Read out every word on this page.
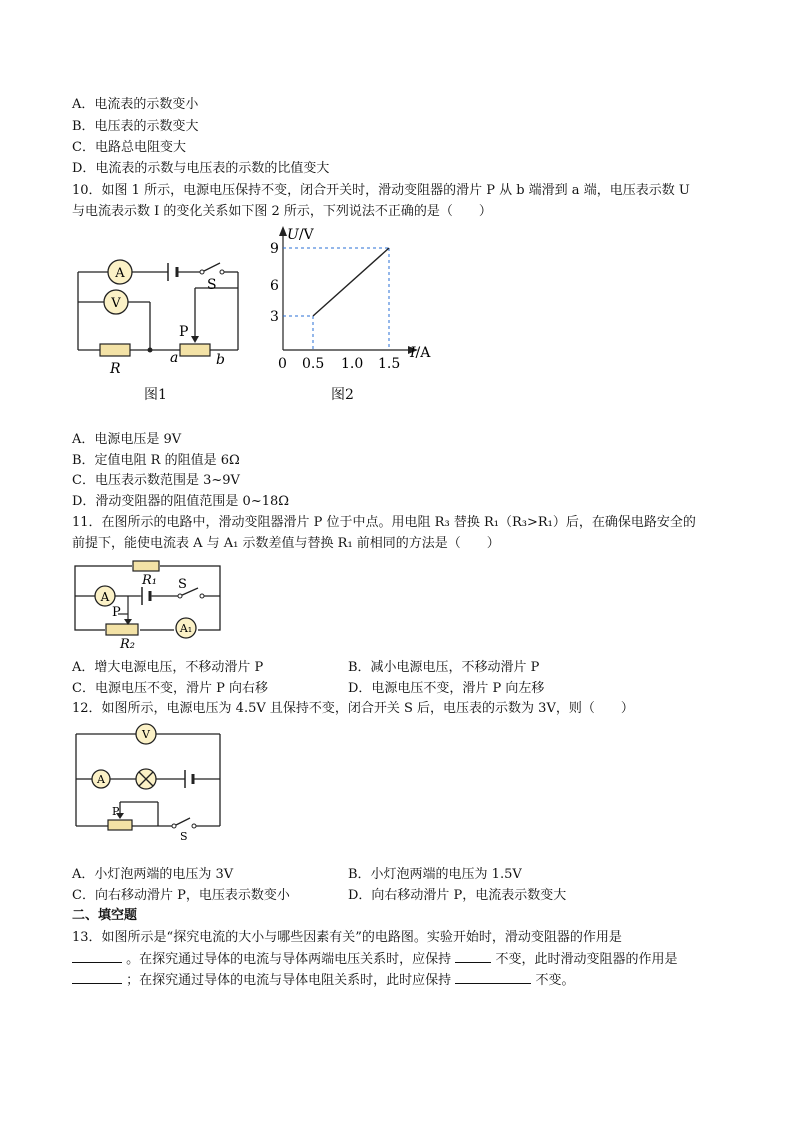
A．电流表的示数变小
B．电压表的示数变大
C．电路总电阻变大
D．电流表的示数与电压表的示数的比值变大
10．如图 1 所示，电源电压保持不变，闭合开关时，滑动变阻器的滑片 P 从 b 端滑到 a 端，电压表示数 U
与电流表示数 I 的变化关系如下图 2 所示，下列说法不正确的是（　　）
A
V
S
P
R
a	b
图1
U/V
9
6
3
0 0.5 1.0 1.5
I/A
图2
A．电源电压是 9V
B．定值电阻 R 的阻值是 6Ω
C．电压表示数范围是 3~9V
D．滑动变阻器的阻值范围是 0~18Ω
11．在图所示的电路中，滑动变阻器滑片 P 位于中点。用电阻 R₃ 替换 R₁（R₃>R₁）后，在确保电路安全的
前提下，能使电流表 A 与 A₁ 示数差值与替换 R₁ 前相同的方法是（　　）
A
A₁
R₁ S
P
R₂
A．增大电源电压，不移动滑片 P	B．减小电源电压，不移动滑片 P
C．电源电压不变，滑片 P 向右移	D．电源电压不变，滑片 P 向左移
12．如图所示，电源电压为 4.5V 且保持不变，闭合开关 S 后，电压表的示数为 3V，则（　　）
V
A
P
S
A．小灯泡两端的电压为 3V	B．小灯泡两端的电压为 1.5V
C．向右移动滑片 P，电压表示数变小	D．向右移动滑片 P，电流表示数变大
二、填空题
13．如图所示是“探究电流的大小与哪些因素有关”的电路图。实验开始时，滑动变阻器的作用是
。在探究通过导体的电流与导体两端电压关系时，应保持	不变，此时滑动变阻器的作用是
；在探究通过导体的电流与导体电阻关系时，此时应保持	不变。
